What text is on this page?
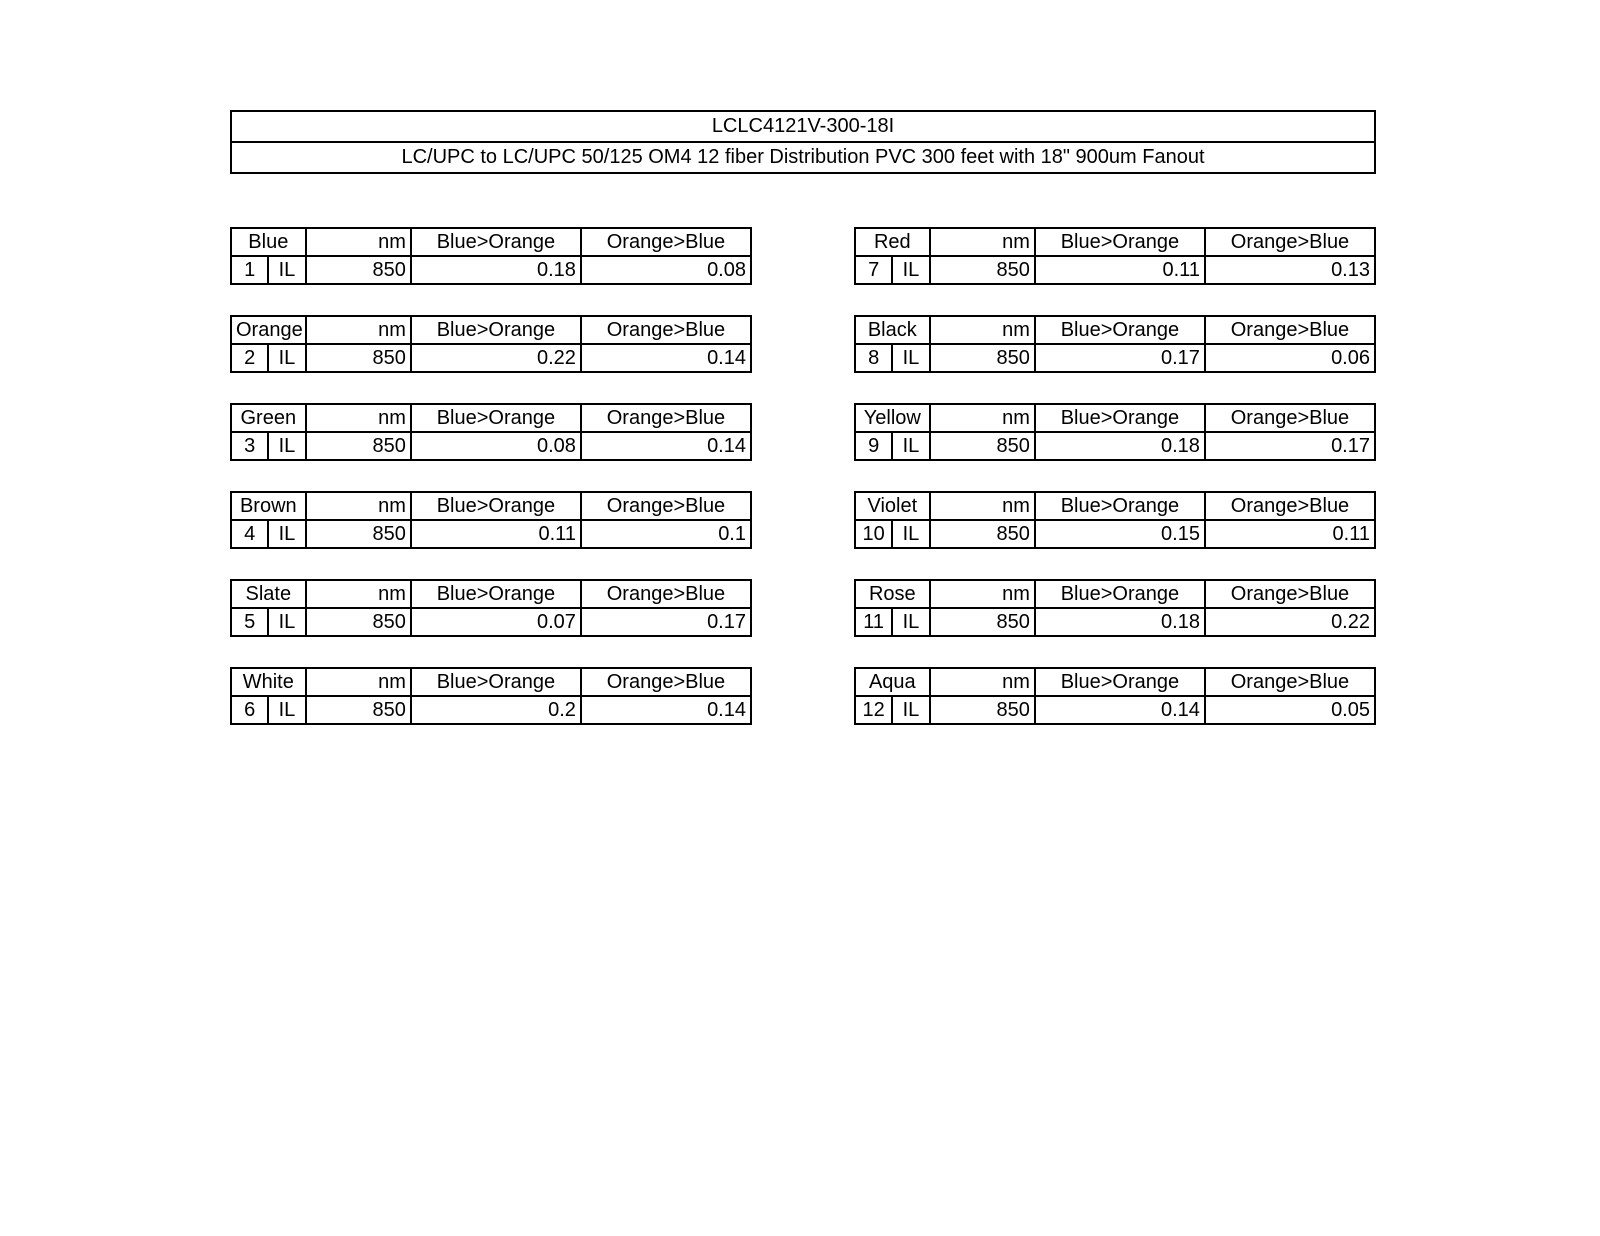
LCLC4121V-300-18I
LC/UPC to LC/UPC 50/125 OM4 12 fiber Distribution PVC 300 feet with 18" 900um Fanout
Blue		nm	Blue>Orange	Orange>Blue
1	IL	850	0.18	0.08
Orange		nm	Blue>Orange	Orange>Blue
2	IL	850	0.22	0.14
Green		nm	Blue>Orange	Orange>Blue
3	IL	850	0.08	0.14
Brown		nm	Blue>Orange	Orange>Blue
4	IL	850	0.11	0.1
Slate		nm	Blue>Orange	Orange>Blue
5	IL	850	0.07	0.17
White		nm	Blue>Orange	Orange>Blue
6	IL	850	0.2	0.14
Red		nm	Blue>Orange	Orange>Blue
7	IL	850	0.11	0.13
Black		nm	Blue>Orange	Orange>Blue
8	IL	850	0.17	0.06
Yellow		nm	Blue>Orange	Orange>Blue
9	IL	850	0.18	0.17
Violet		nm	Blue>Orange	Orange>Blue
10	IL	850	0.15	0.11
Rose		nm	Blue>Orange	Orange>Blue
11	IL	850	0.18	0.22
Aqua		nm	Blue>Orange	Orange>Blue
12	IL	850	0.14	0.05
